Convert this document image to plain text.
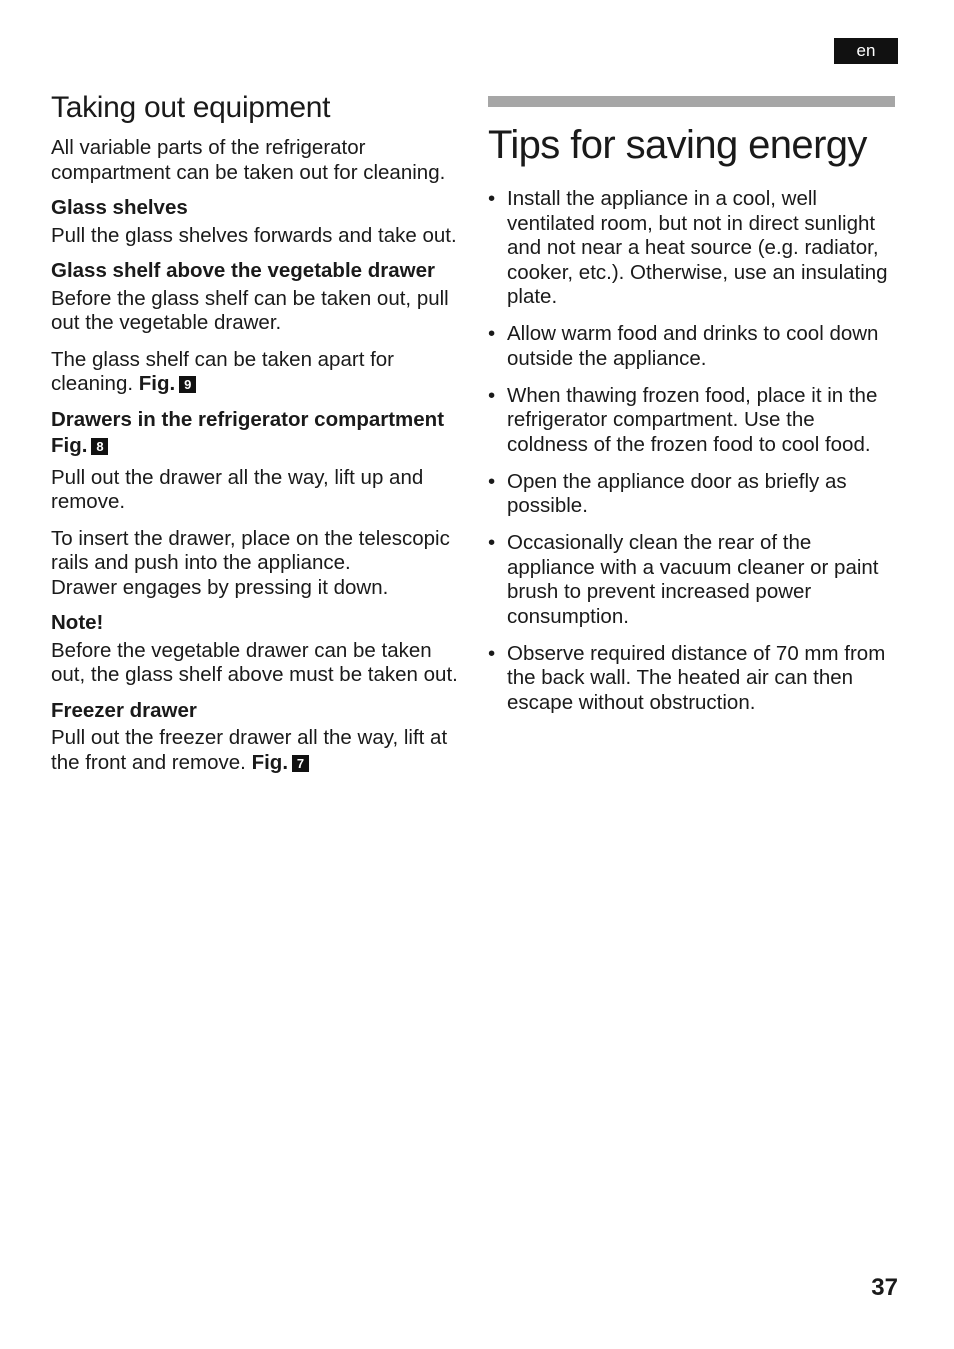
en
Taking out equipment

All variable parts of the refrigerator compartment can be taken out for cleaning.

Glass shelves

Pull the glass shelves forwards and take out.

Glass shelf above the vegetable drawer

Before the glass shelf can be taken out, pull out the vegetable drawer.

The glass shelf can be taken apart for cleaning. Fig. 9

Drawers in the refrigerator compartment
Fig. 8

Pull out the drawer all the way, lift up and remove.

To insert the drawer, place on the telescopic rails and push into the appliance.

Drawer engages by pressing it down.

Note!

Before the vegetable drawer can be taken out, the glass shelf above must be taken out.

Freezer drawer

Pull out the freezer drawer all the way, lift at the front and remove. Fig. 7

Tips for saving energy
• Install the appliance in a cool, well ventilated room, but not in direct sunlight and not near a heat source (e.g. radiator, cooker, etc.). Otherwise, use an insulating plate.
• Allow warm food and drinks to cool down outside the appliance.
• When thawing frozen food, place it in the refrigerator compartment. Use the coldness of the frozen food to cool food.
• Open the appliance door as briefly as possible.
• Occasionally clean the rear of the appliance with a vacuum cleaner or paint brush to prevent increased power consumption.
• Observe required distance of 70 mm from the back wall. The heated air can then escape without obstruction.
37
